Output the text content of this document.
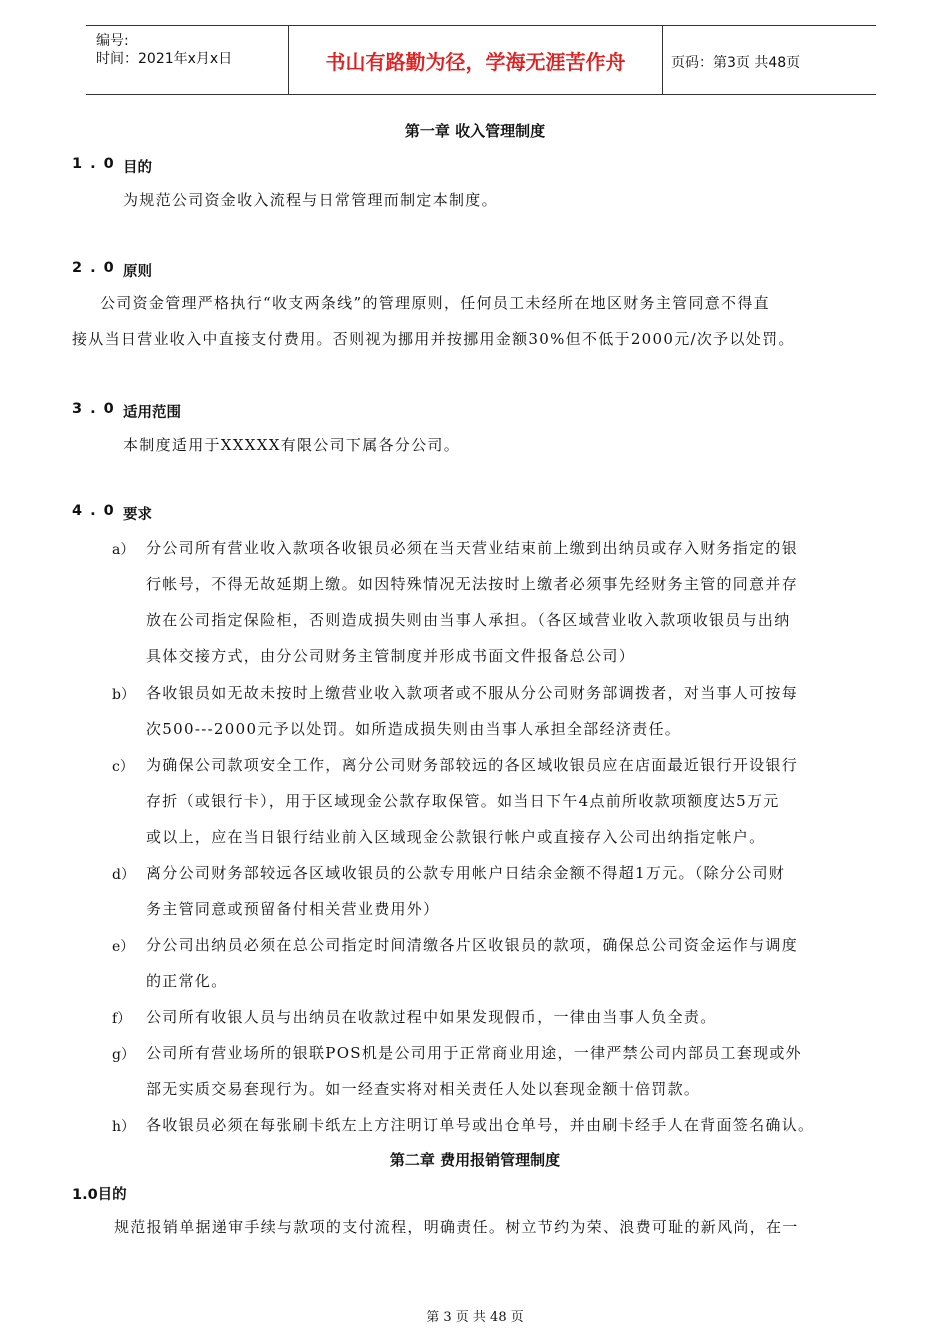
编号:
时间：2021年x月x日	书山有路勤为径，学海无涯苦作舟	页码：第3页 共48页
第一章 收入管理制度
1.0 目的
为规范公司资金收入流程与日常管理而制定本制度。
2.0 原则
公司资金管理严格执行“收支两条线”的管理原则，任何员工未经所在地区财务主管同意不得直
接从当日营业收入中直接支付费用。否则视为挪用并按挪用金额30%但不低于2000元/次予以处罚。
3.0 适用范围
本制度适用于XXXXX有限公司下属各分公司。
4.0 要求
a） 分公司所有营业收入款项各收银员必须在当天营业结束前上缴到出纳员或存入财务指定的银
行帐号，不得无故延期上缴。如因特殊情况无法按时上缴者必须事先经财务主管的同意并存
放在公司指定保险柜，否则造成损失则由当事人承担。（各区域营业收入款项收银员与出纳
具体交接方式，由分公司财务主管制度并形成书面文件报备总公司）
b） 各收银员如无故未按时上缴营业收入款项者或不服从分公司财务部调拨者，对当事人可按每
次500---2000元予以处罚。如所造成损失则由当事人承担全部经济责任。
c） 为确保公司款项安全工作，离分公司财务部较远的各区域收银员应在店面最近银行开设银行
存折（或银行卡），用于区域现金公款存取保管。如当日下午4点前所收款项额度达5万元
或以上，应在当日银行结业前入区域现金公款银行帐户或直接存入公司出纳指定帐户。
d） 离分公司财务部较远各区域收银员的公款专用帐户日结余金额不得超1万元。（除分公司财
务主管同意或预留备付相关营业费用外）
e） 分公司出纳员必须在总公司指定时间清缴各片区收银员的款项，确保总公司资金运作与调度
的正常化。
f） 公司所有收银人员与出纳员在收款过程中如果发现假币，一律由当事人负全责。
g） 公司所有营业场所的银联POS机是公司用于正常商业用途，一律严禁公司内部员工套现或外
部无实质交易套现行为。如一经查实将对相关责任人处以套现金额十倍罚款。
h） 各收银员必须在每张刷卡纸左上方注明订单号或出仓单号，并由刷卡经手人在背面签名确认。
第二章 费用报销管理制度
1.0目的
规范报销单据递审手续与款项的支付流程，明确责任。树立节约为荣、浪费可耻的新风尚，在一
第 3 页 共 48 页
